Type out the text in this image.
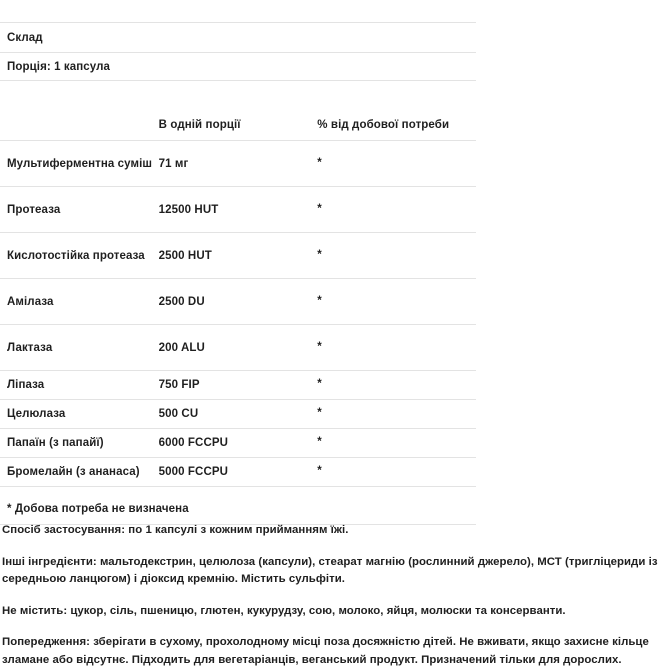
Склад		
Порція: 1 капсула		
	В одній порції	% від добової потреби
Мультиферментна суміш	71 мг	*
Протеаза	12500 HUT	*
Кислотостійка протеаза	2500 HUT	*
Амілаза	2500 DU	*
Лактаза	200 ALU	*
Ліпаза	750 FIP	*
Целюлаза	500 CU	*
Папаїн (з папайї)	6000 FCCPU	*
Бромелайн (з ананаса)	5000 FCCPU	*
* Добова потреба не визначена		

Спосіб застосування: по 1 капсулі з кожним прийманням їжі.

Інші інгредієнти: мальтодекстрин, целюлоза (капсули), стеарат магнію (рослинний джерело), МСТ (тригліцериди із середньою ланцюгом) і діоксид кремнію. Містить сульфіти.

Не містить: цукор, сіль, пшеницю, глютен, кукурудзу, сою, молоко, яйця, молюски та консерванти.

Попередження: зберігати в сухому, прохолодному місці поза досяжністю дітей. Не вживати, якщо захисне кільце зламане або відсутнє. Підходить для вегетаріанців, веганський продукт. Призначений тільки для дорослих.
